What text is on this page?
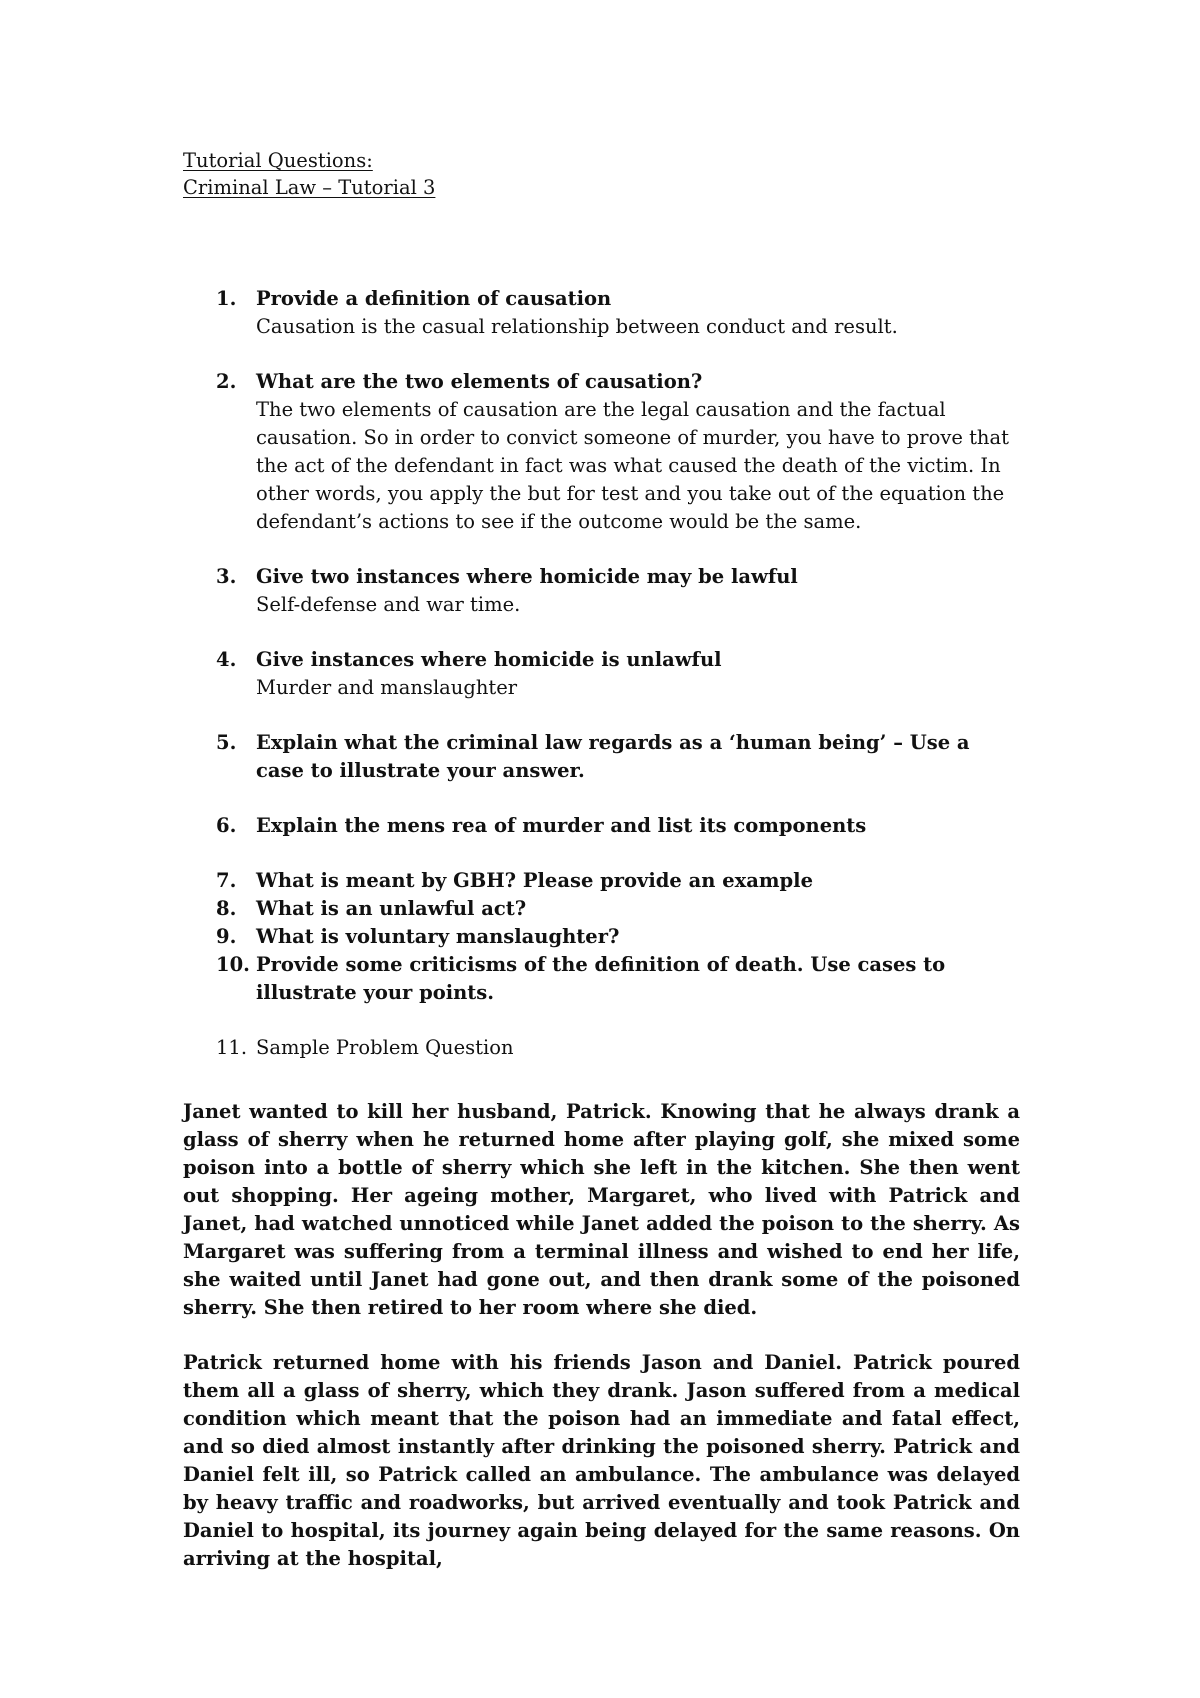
Tutorial Questions:
Criminal Law – Tutorial 3
1. Provide a definition of causation
Causation is the casual relationship between conduct and result.
2. What are the two elements of causation?
The two elements of causation are the legal causation and the factual causation. So in order to convict someone of murder, you have to prove that the act of the defendant in fact was what caused the death of the victim. In other words, you apply the but for test and you take out of the equation the defendant’s actions to see if the outcome would be the same.
3. Give two instances where homicide may be lawful
Self-defense and war time.
4. Give instances where homicide is unlawful
Murder and manslaughter
5. Explain what the criminal law regards as a ‘human being’ – Use a case to illustrate your answer.
6. Explain the mens rea of murder and list its components
7. What is meant by GBH? Please provide an example
8. What is an unlawful act?
9. What is voluntary manslaughter?
10. Provide some criticisms of the definition of death. Use cases to illustrate your points.
11. Sample Problem Question

Janet wanted to kill her husband, Patrick. Knowing that he always drank a glass of sherry when he returned home after playing golf, she mixed some poison into a bottle of sherry which she left in the kitchen. She then went out shopping. Her ageing mother, Margaret, who lived with Patrick and Janet, had watched unnoticed while Janet added the poison to the sherry. As Margaret was suffering from a terminal illness and wished to end her life, she waited until Janet had gone out, and then drank some of the poisoned sherry. She then retired to her room where she died.

Patrick returned home with his friends Jason and Daniel. Patrick poured them all a glass of sherry, which they drank. Jason suffered from a medical condition which meant that the poison had an immediate and fatal effect, and so died almost instantly after drinking the poisoned sherry. Patrick and Daniel felt ill, so Patrick called an ambulance. The ambulance was delayed by heavy traffic and roadworks, but arrived eventually and took Patrick and Daniel to hospital, its journey again being delayed for the same reasons. On arriving at the hospital,
